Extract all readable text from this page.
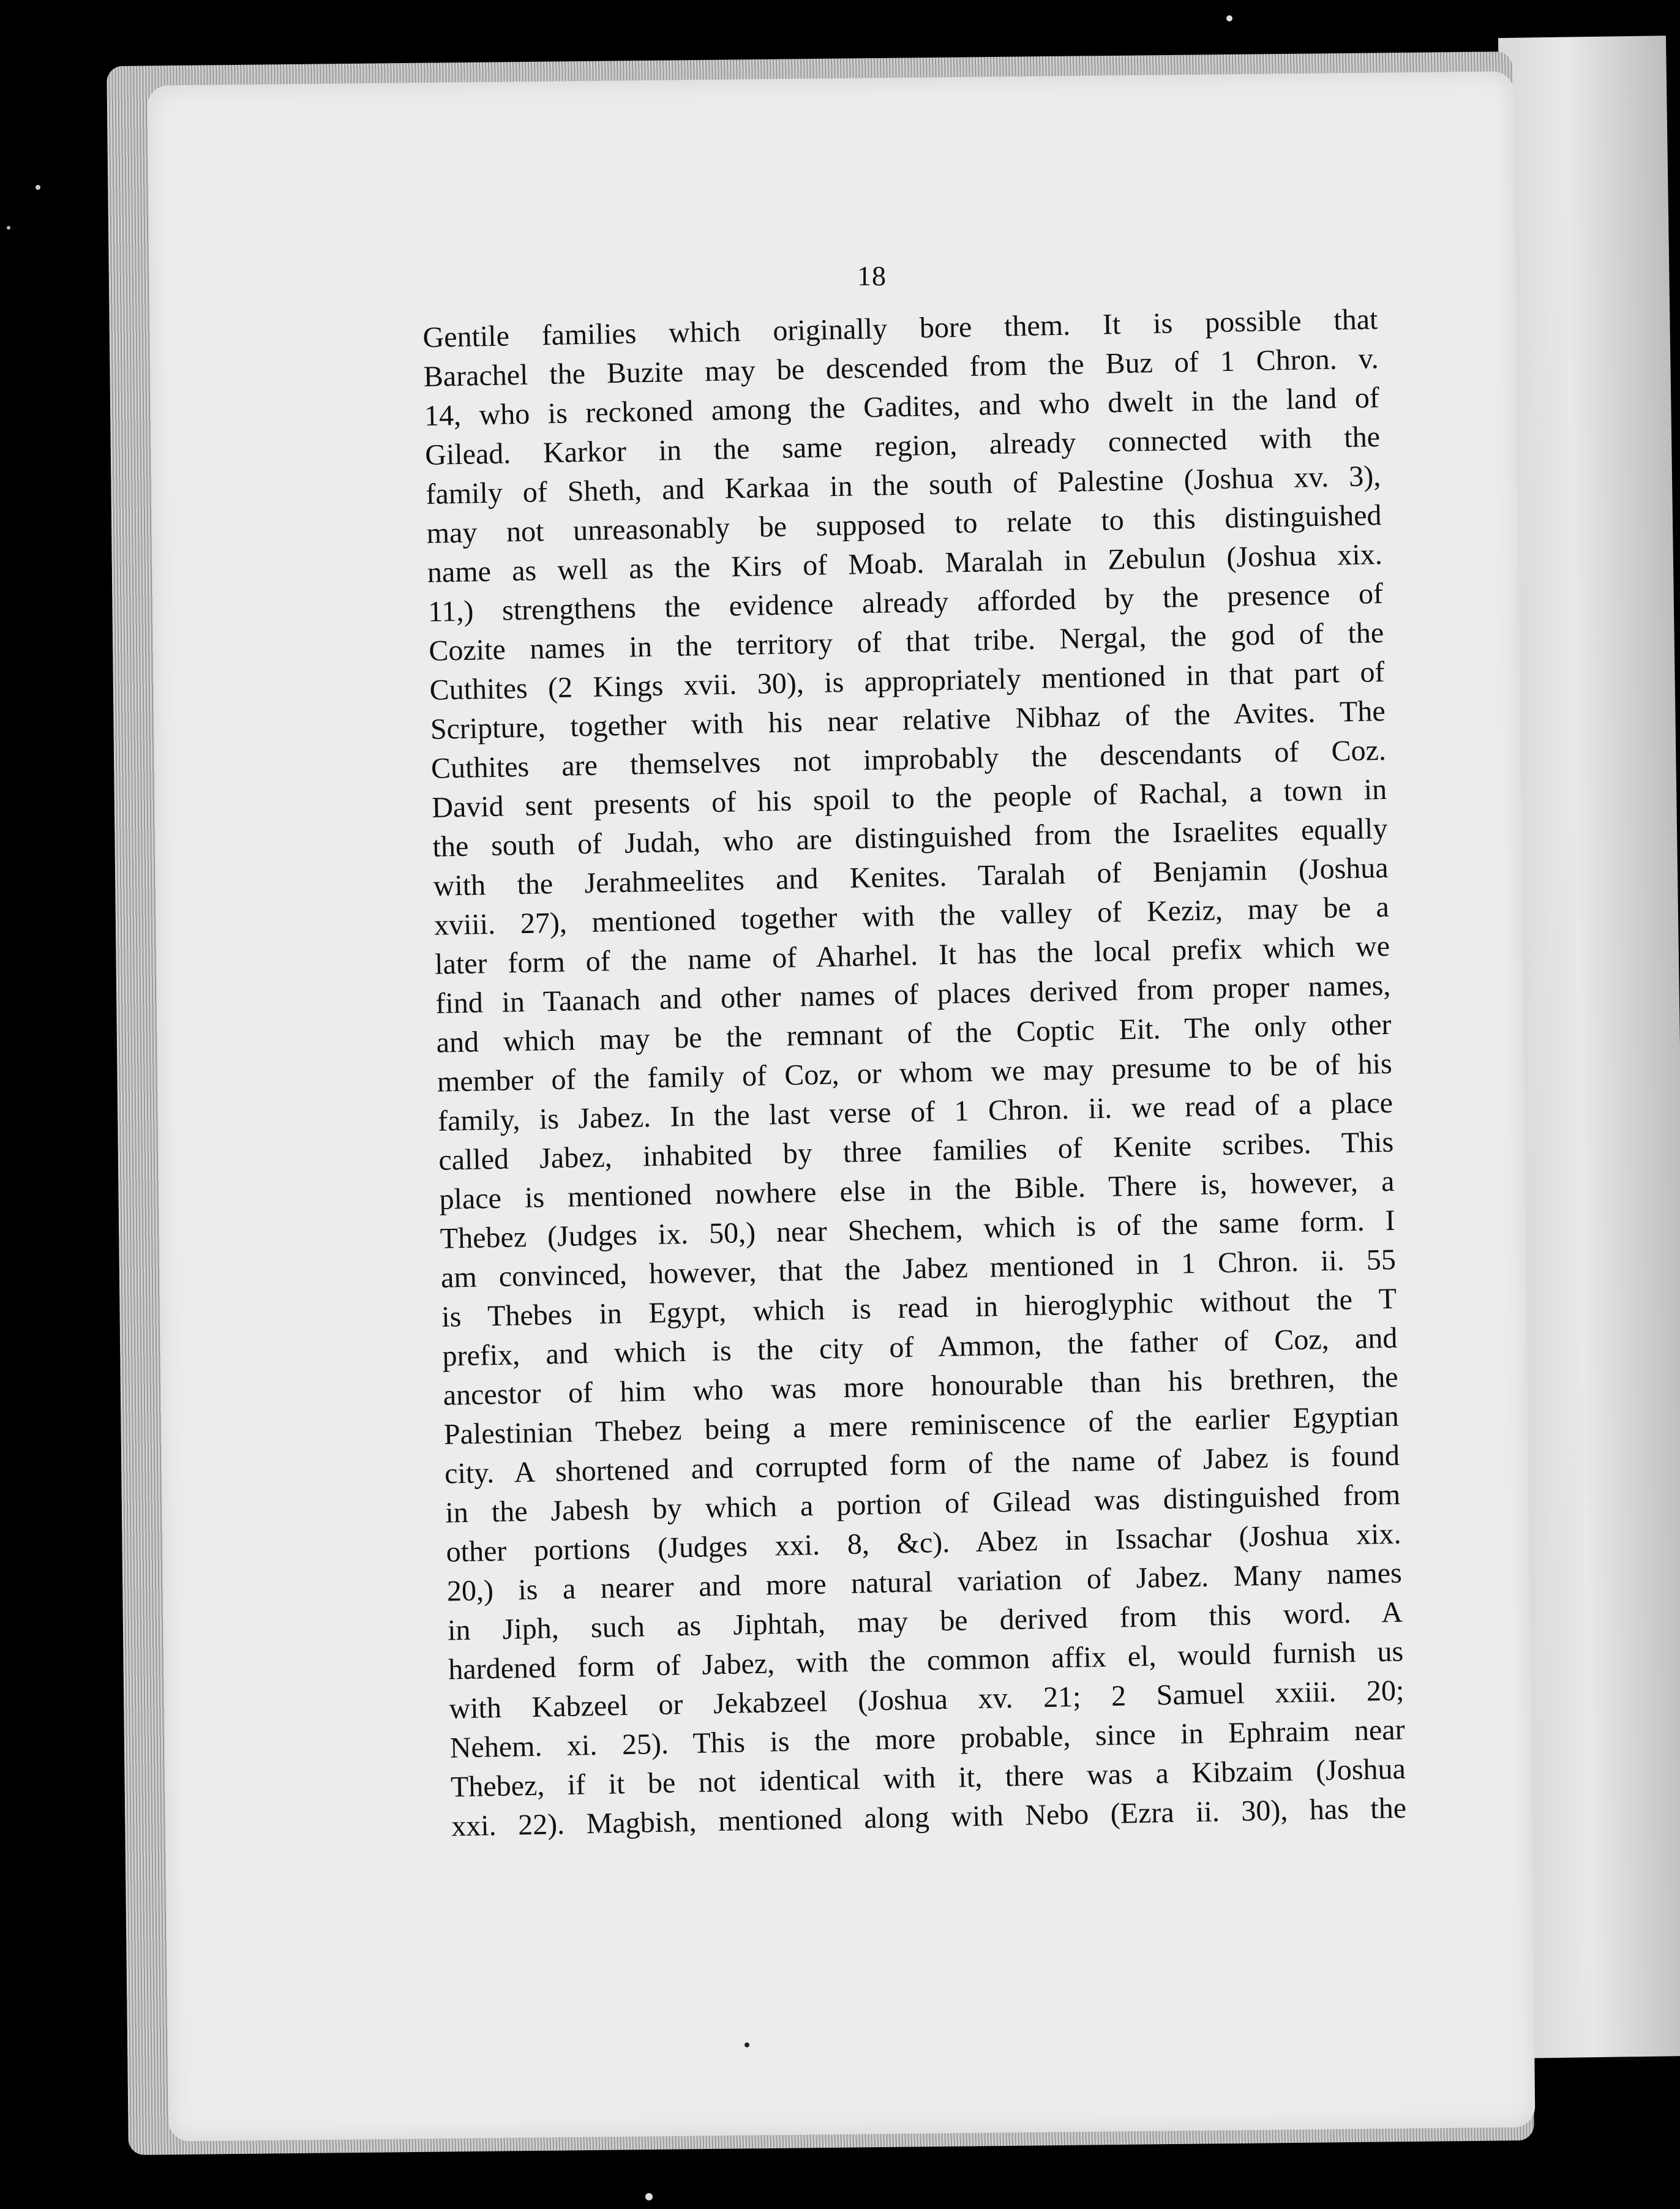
18
Gentile families which originally bore them. It is possible that
Barachel the Buzite may be descended from the Buz of 1 Chron. v.
14, who is reckoned among the Gadites, and who dwelt in the land of
Gilead. Karkor in the same region, already connected with the
family of Sheth, and Karkaa in the south of Palestine (Joshua xv. 3),
may not unreasonably be supposed to relate to this distinguished
name as well as the Kirs of Moab. Maralah in Zebulun (Joshua xix.
11,) strengthens the evidence already afforded by the presence of
Cozite names in the territory of that tribe. Nergal, the god of the
Cuthites (2 Kings xvii. 30), is appropriately mentioned in that part of
Scripture, together with his near relative Nibhaz of the Avites. The
Cuthites are themselves not improbably the descendants of Coz.
David sent presents of his spoil to the people of Rachal, a town in
the south of Judah, who are distinguished from the Israelites equally
with the Jerahmeelites and Kenites. Taralah of Benjamin (Joshua
xviii. 27), mentioned together with the valley of Keziz, may be a
later form of the name of Aharhel. It has the local prefix which we
find in Taanach and other names of places derived from proper names,
and which may be the remnant of the Coptic Eit. The only other
member of the family of Coz, or whom we may presume to be of his
family, is Jabez. In the last verse of 1 Chron. ii. we read of a place
called Jabez, inhabited by three families of Kenite scribes. This
place is mentioned nowhere else in the Bible. There is, however, a
Thebez (Judges ix. 50,) near Shechem, which is of the same form. I
am convinced, however, that the Jabez mentioned in 1 Chron. ii. 55
is Thebes in Egypt, which is read in hieroglyphic without the T
prefix, and which is the city of Ammon, the father of Coz, and
ancestor of him who was more honourable than his brethren, the
Palestinian Thebez being a mere reminiscence of the earlier Egyptian
city. A shortened and corrupted form of the name of Jabez is found
in the Jabesh by which a portion of Gilead was distinguished from
other portions (Judges xxi. 8, &c). Abez in Issachar (Joshua xix.
20,) is a nearer and more natural variation of Jabez. Many names
in Jiph, such as Jiphtah, may be derived from this word. A
hardened form of Jabez, with the common affix el, would furnish us
with Kabzeel or Jekabzeel (Joshua xv. 21; 2 Samuel xxiii. 20;
Nehem. xi. 25). This is the more probable, since in Ephraim near
Thebez, if it be not identical with it, there was a Kibzaim (Joshua
xxi. 22). Magbish, mentioned along with Nebo (Ezra ii. 30), has the
